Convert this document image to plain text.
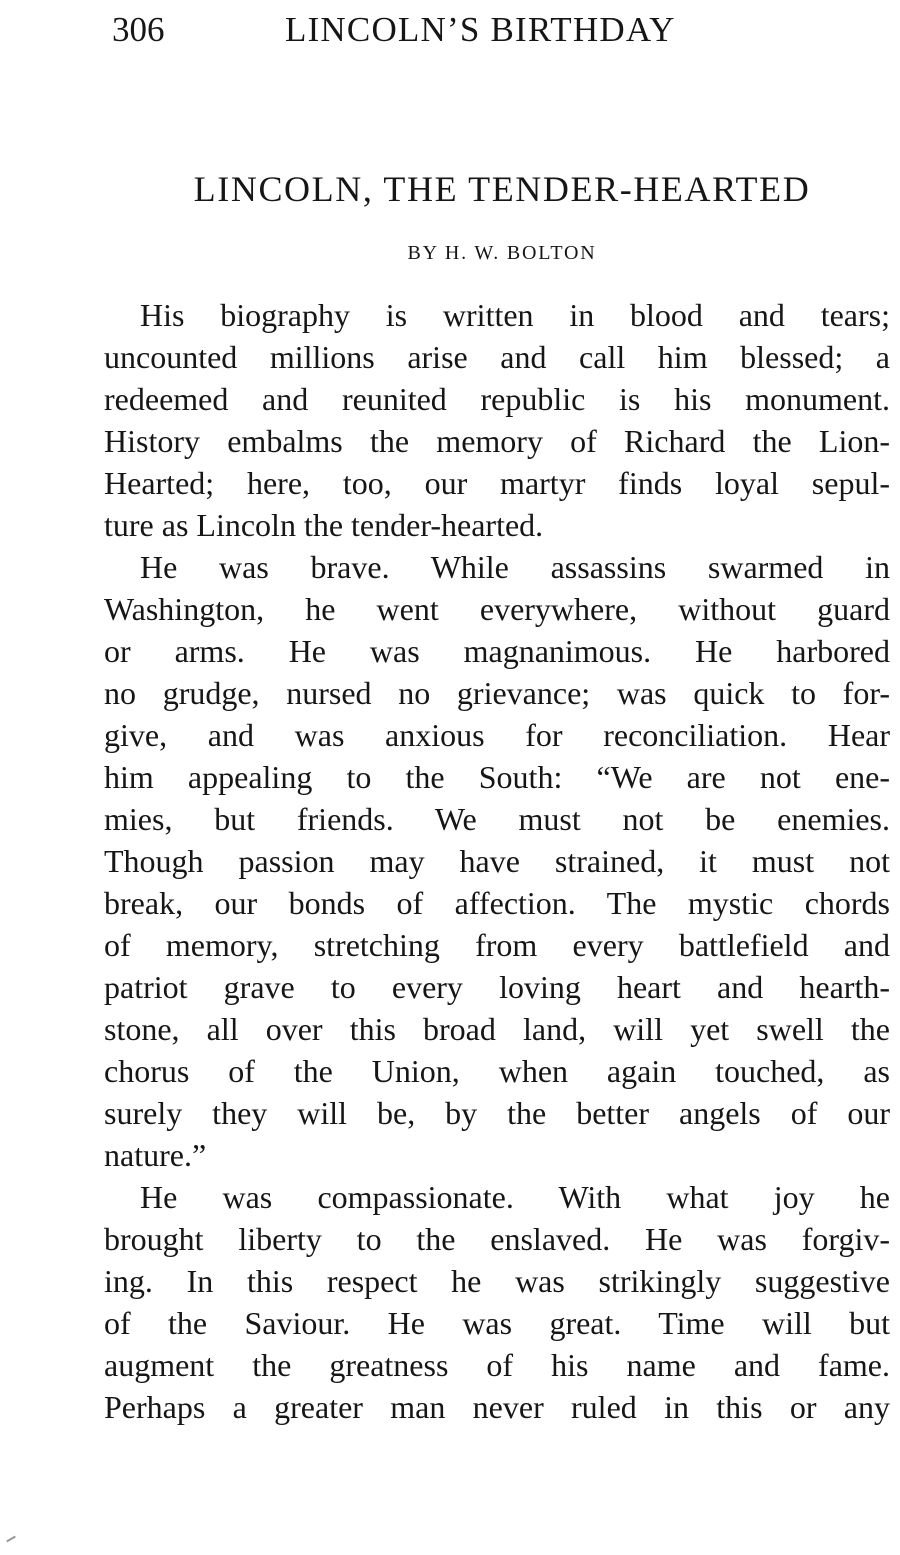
306	LINCOLN’S BIRTHDAY
LINCOLN, THE TENDER-HEARTED
BY H. W. BOLTON
His biography is written in blood and tears;
uncounted millions arise and call him blessed; a
redeemed and reunited republic is his monument.
History embalms the memory of Richard the Lion-
Hearted; here, too, our martyr finds loyal sepul-
ture as Lincoln the tender-hearted.
He was brave. While assassins swarmed in
Washington, he went everywhere, without guard
or arms. He was magnanimous. He harbored
no grudge, nursed no grievance; was quick to for-
give, and was anxious for reconciliation. Hear
him appealing to the South: “We are not ene-
mies, but friends. We must not be enemies.
Though passion may have strained, it must not
break, our bonds of affection. The mystic chords
of memory, stretching from every battlefield and
patriot grave to every loving heart and hearth-
stone, all over this broad land, will yet swell the
chorus of the Union, when again touched, as
surely they will be, by the better angels of our
nature.”
He was compassionate. With what joy he
brought liberty to the enslaved. He was forgiv-
ing. In this respect he was strikingly suggestive
of the Saviour. He was great. Time will but
augment the greatness of his name and fame.
Perhaps a greater man never ruled in this or any
